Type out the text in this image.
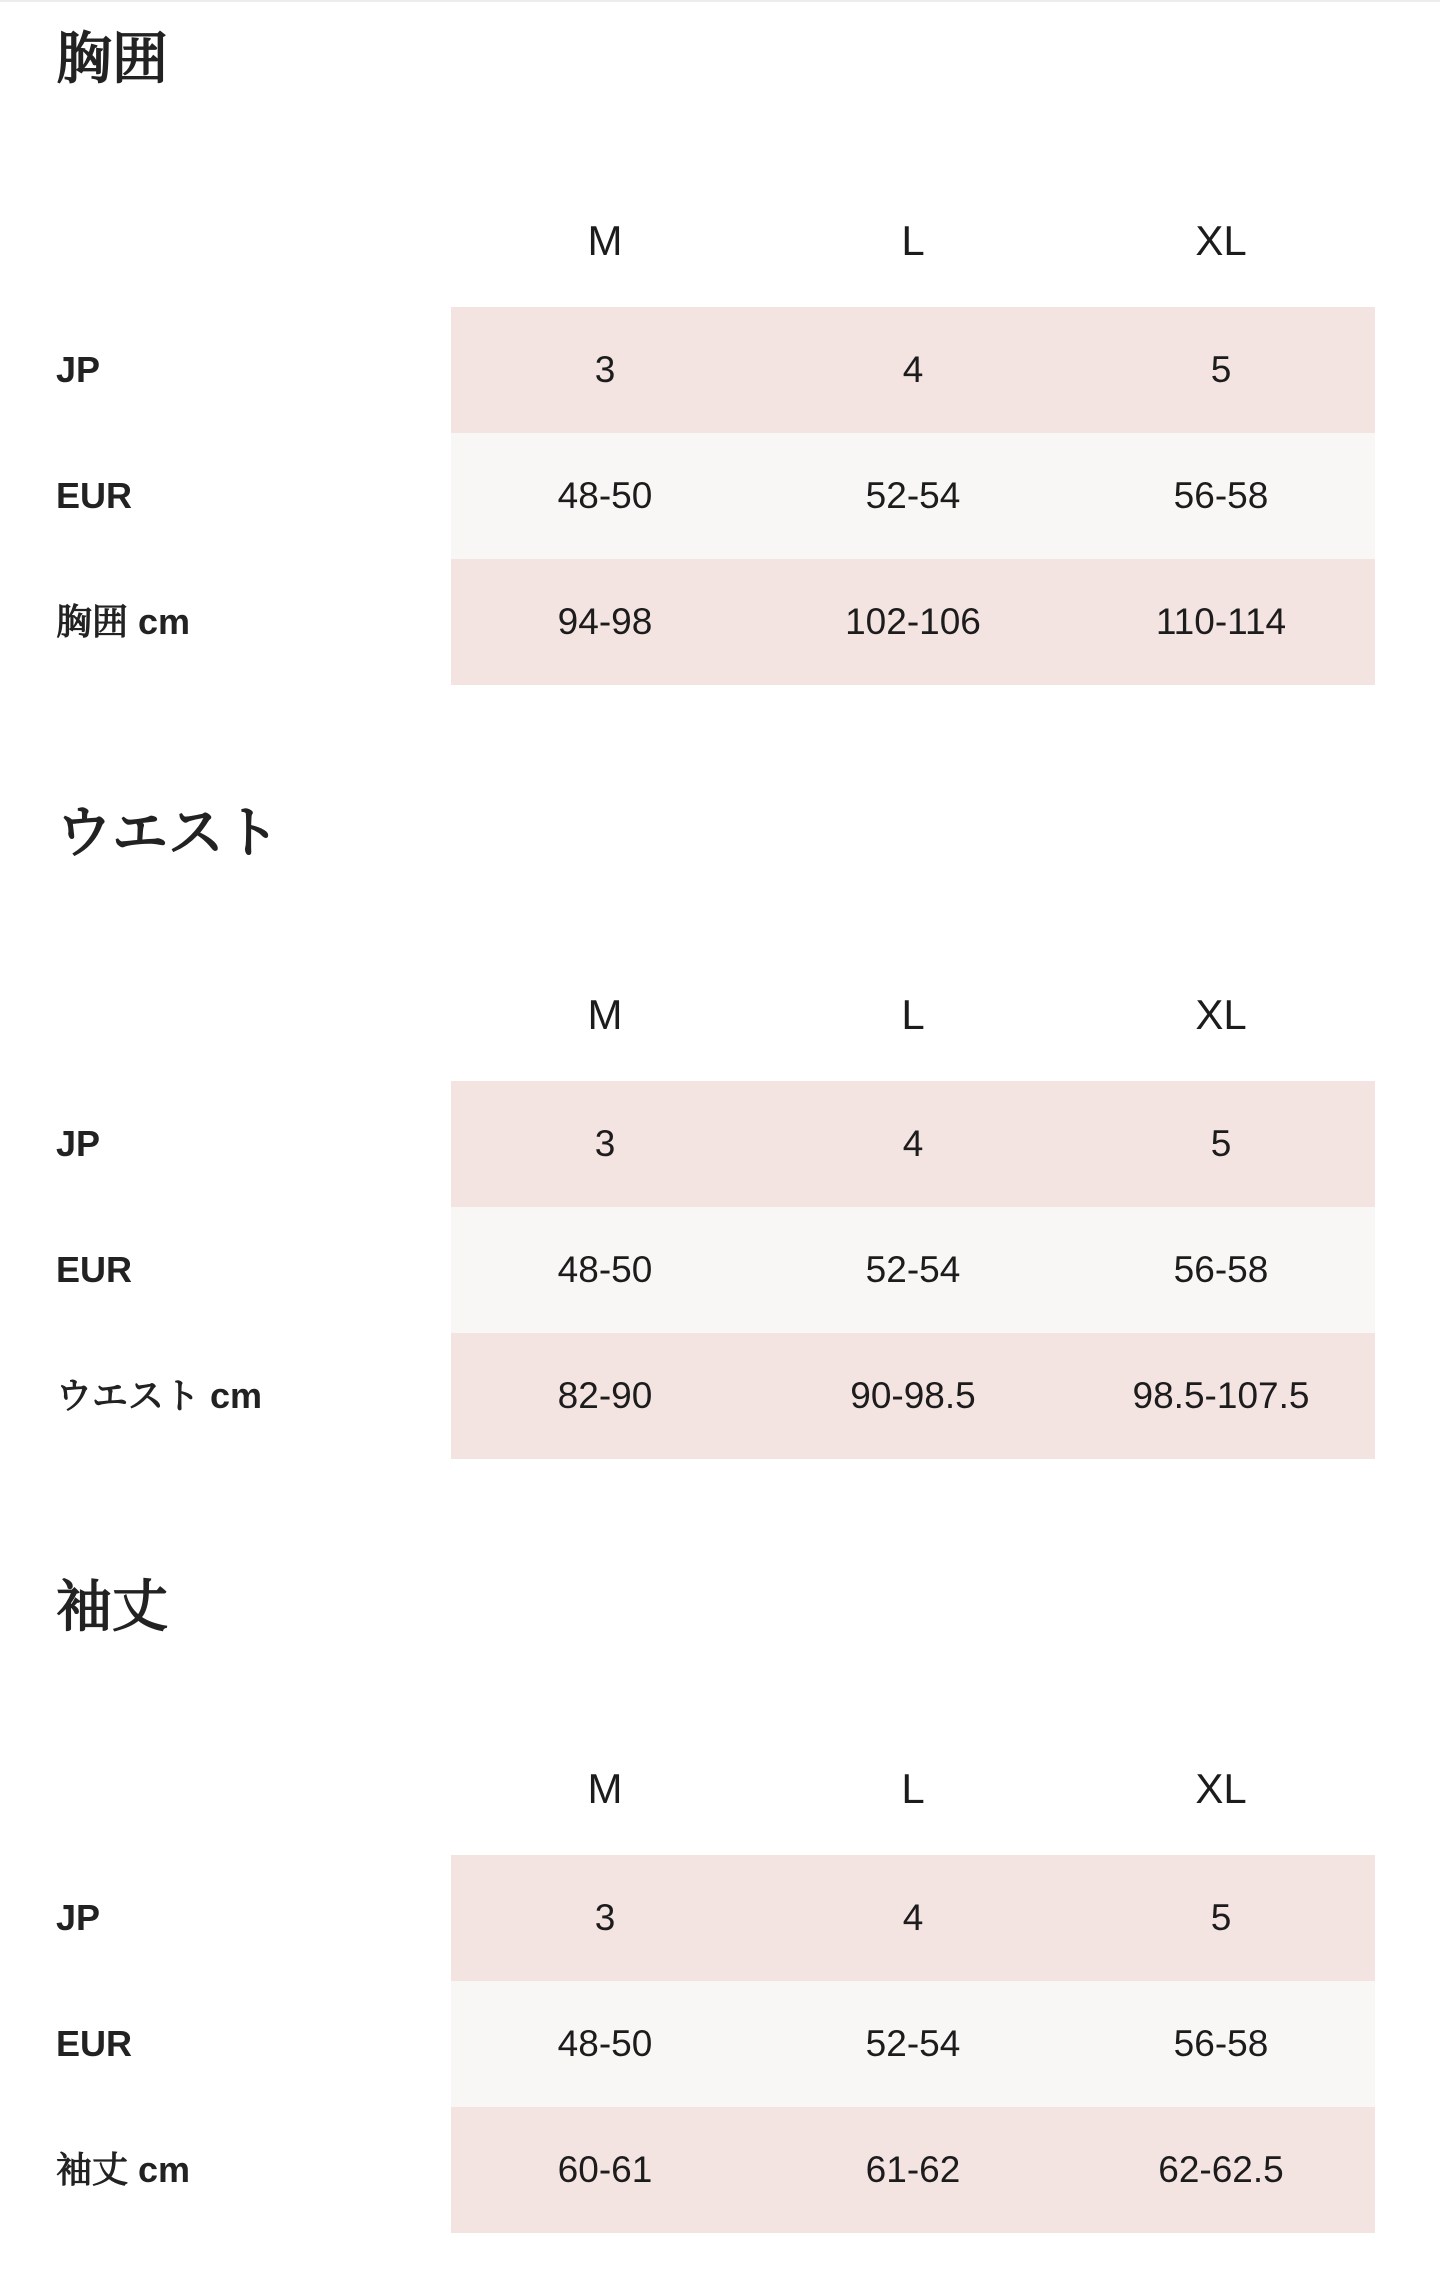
胸囲
M	L	XL
JP	3	4	5
EUR	48-50	52-54	56-58
胸囲 cm	94-98	102-106	110-114
ウエスト
M	L	XL
JP	3	4	5
EUR	48-50	52-54	56-58
ウエスト cm	82-90	90-98.5	98.5-107.5
袖丈
M	L	XL
JP	3	4	5
EUR	48-50	52-54	56-58
袖丈 cm	60-61	61-62	62-62.5
